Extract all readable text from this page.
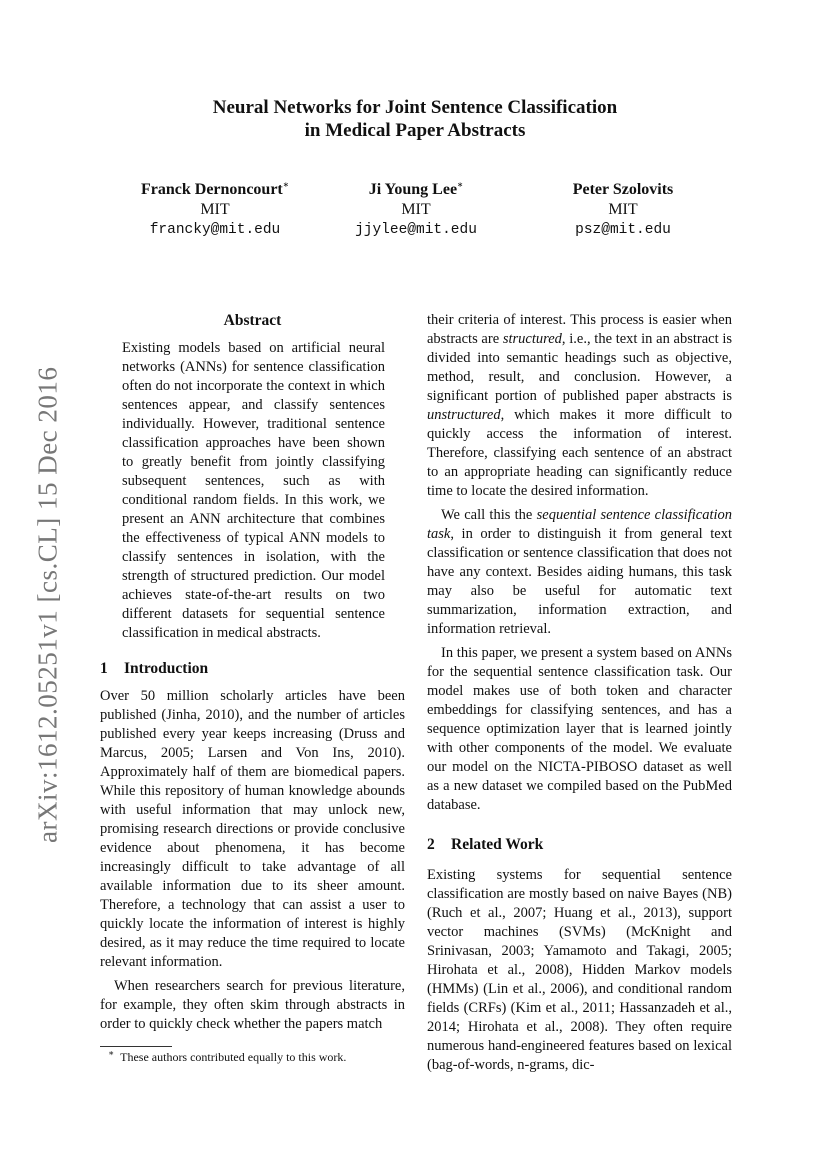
arXiv:1612.05251v1 [cs.CL] 15 Dec 2016
Neural Networks for Joint Sentence Classification
in Medical Paper Abstracts
Franck Dernoncourt∗
MIT
francky@mit.edu
Ji Young Lee∗
MIT
jjylee@mit.edu
Peter Szolovits
MIT
psz@mit.edu
Abstract

Existing models based on artificial neural networks (ANNs) for sentence classification often do not incorporate the context in which sentences appear, and classify sentences individually. However, traditional sentence classification approaches have been shown to greatly benefit from jointly classifying subsequent sentences, such as with conditional random fields. In this work, we present an ANN architecture that combines the effectiveness of typical ANN models to classify sentences in isolation, with the strength of structured prediction. Our model achieves state-of-the-art results on two different datasets for sequential sentence classification in medical abstracts.

1 Introduction

Over 50 million scholarly articles have been published (Jinha, 2010), and the number of articles published every year keeps increasing (Druss and Marcus, 2005; Larsen and Von Ins, 2010). Approximately half of them are biomedical papers. While this repository of human knowledge abounds with useful information that may unlock new, promising research directions or provide conclusive evidence about phenomena, it has become increasingly difficult to take advantage of all available information due to its sheer amount. Therefore, a technology that can assist a user to quickly locate the information of interest is highly desired, as it may reduce the time required to locate relevant information.

When researchers search for previous literature, for example, they often skim through abstracts in order to quickly check whether the papers match

their criteria of interest. This process is easier when abstracts are structured, i.e., the text in an abstract is divided into semantic headings such as objective, method, result, and conclusion. However, a significant portion of published paper abstracts is unstructured, which makes it more difficult to quickly access the information of interest. Therefore, classifying each sentence of an abstract to an appropriate heading can significantly reduce time to locate the desired information.

We call this the sequential sentence classification task, in order to distinguish it from general text classification or sentence classification that does not have any context. Besides aiding humans, this task may also be useful for automatic text summarization, information extraction, and information retrieval.

In this paper, we present a system based on ANNs for the sequential sentence classification task. Our model makes use of both token and character embeddings for classifying sentences, and has a sequence optimization layer that is learned jointly with other components of the model. We evaluate our model on the NICTA-PIBOSO dataset as well as a new dataset we compiled based on the PubMed database.

2 Related Work

Existing systems for sequential sentence classification are mostly based on naive Bayes (NB) (Ruch et al., 2007; Huang et al., 2013), support vector machines (SVMs) (McKnight and Srinivasan, 2003; Yamamoto and Takagi, 2005; Hirohata et al., 2008), Hidden Markov models (HMMs) (Lin et al., 2006), and conditional random fields (CRFs) (Kim et al., 2011; Hassanzadeh et al., 2014; Hirohata et al., 2008). They often require numerous hand-engineered features based on lexical (bag-of-words, n-grams, dic-

∗ These authors contributed equally to this work.
